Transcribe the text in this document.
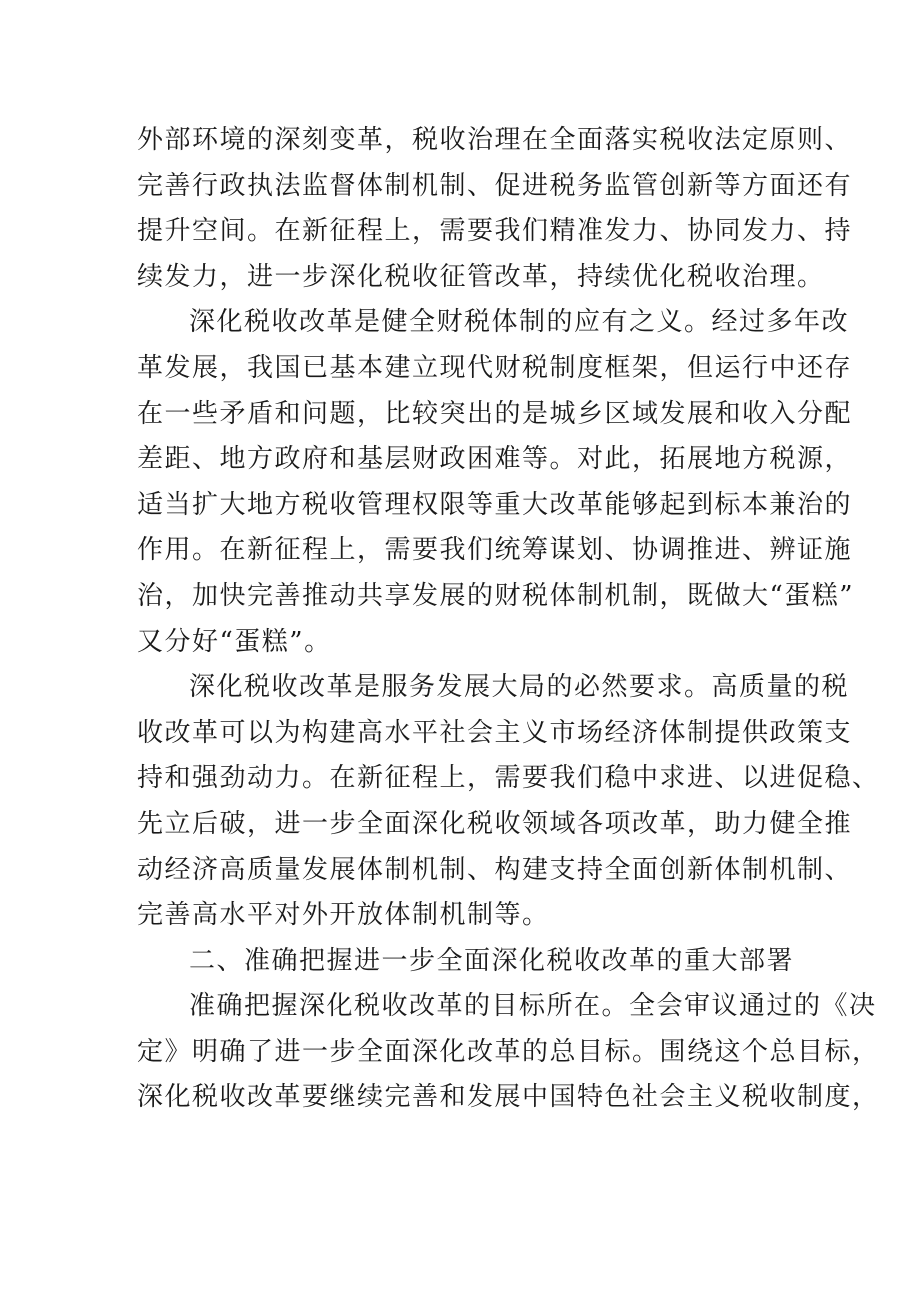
外部环境的深刻变革，税收治理在全面落实税收法定原则、
完善行政执法监督体制机制、促进税务监管创新等方面还有
提升空间。在新征程上，需要我们精准发力、协同发力、持
续发力，进一步深化税收征管改革，持续优化税收治理。
深化税收改革是健全财税体制的应有之义。经过多年改
革发展，我国已基本建立现代财税制度框架，但运行中还存
在一些矛盾和问题，比较突出的是城乡区域发展和收入分配
差距、地方政府和基层财政困难等。对此，拓展地方税源，
适当扩大地方税收管理权限等重大改革能够起到标本兼治的
作用。在新征程上，需要我们统筹谋划、协调推进、辨证施
治，加快完善推动共享发展的财税体制机制，既做大“蛋糕”
又分好“蛋糕”。
深化税收改革是服务发展大局的必然要求。高质量的税
收改革可以为构建高水平社会主义市场经济体制提供政策支
持和强劲动力。在新征程上，需要我们稳中求进、以进促稳、
先立后破，进一步全面深化税收领域各项改革，助力健全推
动经济高质量发展体制机制、构建支持全面创新体制机制、
完善高水平对外开放体制机制等。
二、准确把握进一步全面深化税收改革的重大部署
准确把握深化税收改革的目标所在。全会审议通过的《决
定》明确了进一步全面深化改革的总目标。围绕这个总目标，
深化税收改革要继续完善和发展中国特色社会主义税收制度，
